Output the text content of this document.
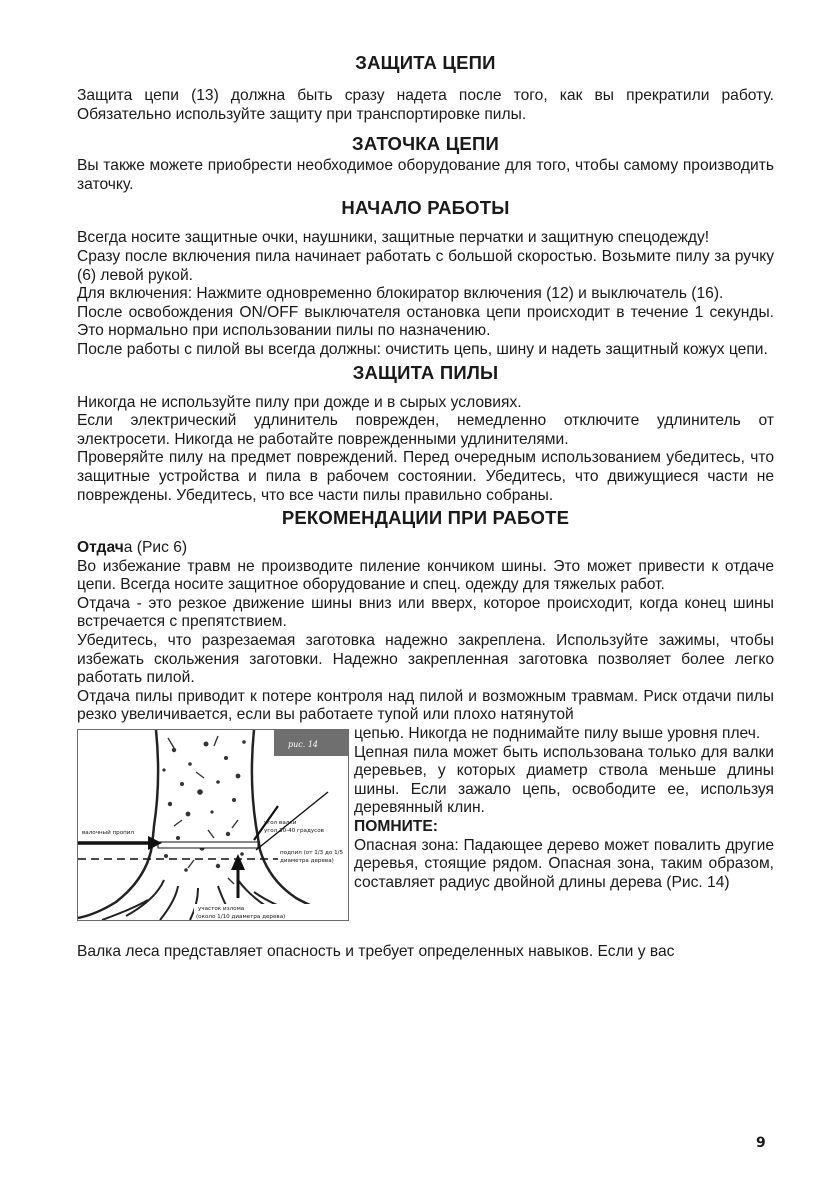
ЗАЩИТА ЦЕПИ

Защита цепи (13) должна быть сразу надета после того, как вы прекратили работу. Обязательно используйте защиту при транспортировке пилы.

ЗАТОЧКА ЦЕПИ

Вы также можете приобрести необходимое оборудование для того, чтобы самому производить заточку.

НАЧАЛО РАБОТЫ

Всегда носите защитные очки, наушники, защитные перчатки и защитную спецодежду!

Сразу после включения пила начинает работать с большой скоростью. Возьмите пилу за ручку (6) левой рукой.

Для включения: Нажмите одновременно блокиратор включения (12) и выключатель (16).

После освобождения ON/OFF выключателя остановка цепи происходит в течение 1 секунды. Это нормально при использовании пилы по назначению.

После работы с пилой вы всегда должны: очистить цепь, шину и надеть защитный кожух цепи.

ЗАЩИТА ПИЛЫ

Никогда не используйте пилу при дожде и в сырых условиях.

Если электрический удлинитель поврежден, немедленно отключите удлинитель от электросети. Никогда не работайте поврежденными удлинителями.

Проверяйте пилу на предмет повреждений. Перед очередным использованием убедитесь, что защитные устройства и пила в рабочем состоянии. Убедитесь, что движущиеся части не повреждены. Убедитесь, что все части пилы правильно собраны.

РЕКОМЕНДАЦИИ ПРИ РАБОТЕ

Отдача (Рис 6)

Во избежание травм не производите пиление кончиком шины. Это может привести к отдаче цепи. Всегда носите защитное оборудование и спец. одежду для тяжелых работ.

Отдача - это резкое движение шины вниз или вверх, которое происходит, когда конец шины встречается с препятствием.

Убедитесь, что разрезаемая заготовка надежно закреплена. Используйте зажимы, чтобы избежать скольжения заготовки. Надежно закрепленная заготовка позволяет более легко работать пилой.

Отдача пилы приводит к потере контроля над пилой и возможным травмам. Риск отдачи пилы резко увеличивается, если вы работаете тупой или плохо натянутой

рис. 14
валочный пропил
угол валки
угол 30-40 градусов
подпил (от 1/3 до 1/5
диаметра дерева)
участок излома
(около 1/10 диаметра дерева)

цепью. Никогда не поднимайте пилу выше уровня плеч.

Цепная пила может быть использована только для валки деревьев, у которых диаметр ствола меньше длины шины. Если зажало цепь, освободите ее, используя деревянный клин.

ПОМНИТЕ:

Опасная зона: Падающее дерево может повалить другие деревья, стоящие рядом. Опасная зона, таким образом, составляет радиус двойной длины дерева (Рис. 14)

Валка леса представляет опасность и требует определенных навыков. Если у вас

9
